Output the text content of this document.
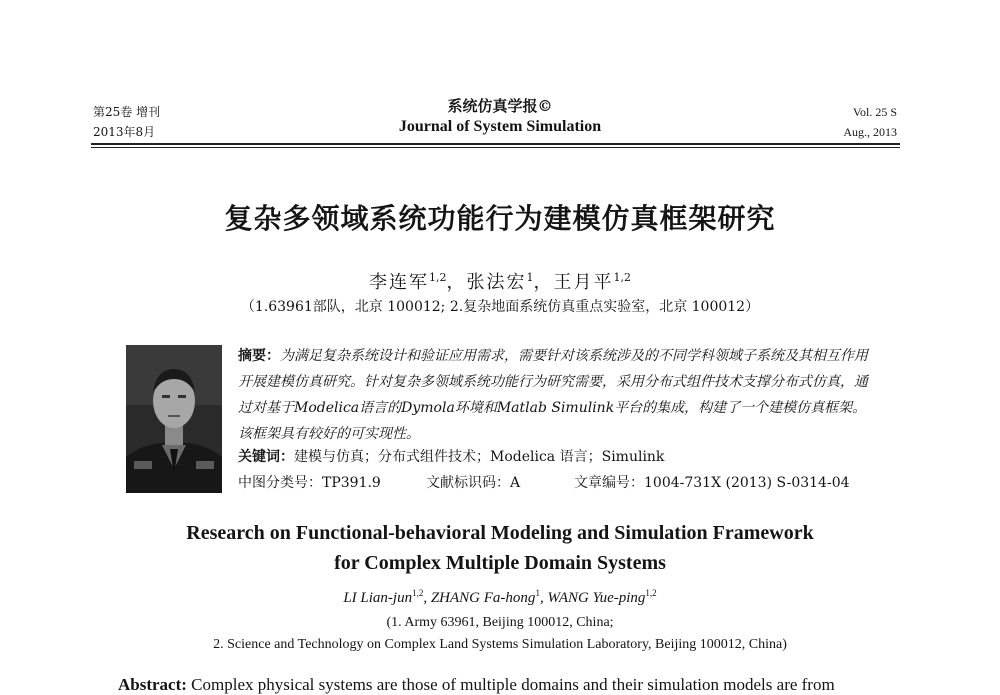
第25卷 增刊
2013年8月
系统仿真学报©
Journal of System Simulation
Vol. 25 S
Aug., 2013
复杂多领域系统功能行为建模仿真框架研究
李连军$^{1,2}$，张法宏$^1$，王月平$^{1,2}$
（1.63961部队，北京 100012; 2.复杂地面系统仿真重点实验室，北京 100012）
摘要：为满足复杂系统设计和验证应用需求，需要针对该系统涉及的不同学科领域子系统及其相互作用开展建模仿真研究。针对复杂多领域系统功能行为研究需要，采用分布式组件技术支撑分布式仿真，通过对基于Modelica语言的Dymola环境和Matlab Simulink平台的集成，构建了一个建模仿真框架。该框架具有较好的可实现性。
关键词：建模与仿真；分布式组件技术；Modelica 语言；Simulink
中图分类号：TP391.9	文献标识码：A	文章编号：1004-731X (2013) S-0314-04
Research on Functional-behavioral Modeling and Simulation Framework
for Complex Multiple Domain Systems
LI Lian-jun$^{1,2}$, ZHANG Fa-hong$^1$, WANG Yue-ping$^{1,2}$
(1. Army 63961, Beijing 100012, China;
2. Science and Technology on Complex Land Systems Simulation Laboratory, Beijing 100012, China)
Abstract: Complex physical systems are those of multiple domains and their simulation models are from
